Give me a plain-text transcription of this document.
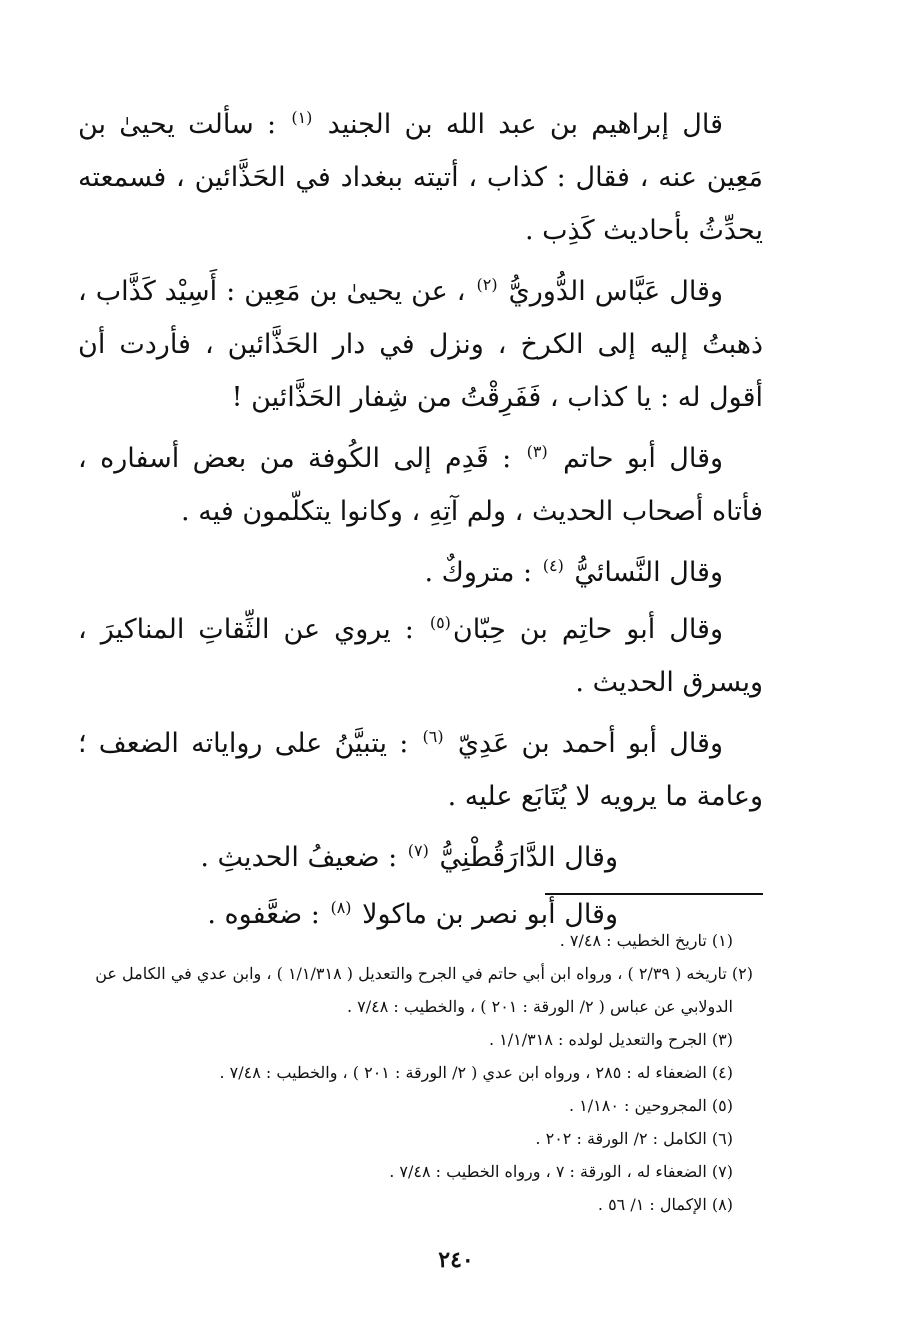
قال إبراهيم بن عبد الله بن الجنيد $^{(١)}$ : سألت يحيىٰ بن مَعِين عنه ، فقال : كذاب ، أتيته ببغداد في الحَذَّائين ، فسمعته يحدِّثُ بأحاديث كَذِب .

وقال عَبَّاس الدُّوريُّ $^{(٢)}$ ، عن يحيىٰ بن مَعِين : أَسِيْد كَذَّاب ، ذهبتُ إليه إلى الكرخ ، ونزل في دار الحَذَّائين ، فأردت أن أقول له : يا كذاب ، فَفَرِقْتُ من شِفار الحَذَّائين !

وقال أبو حاتم $^{(٣)}$ : قَدِم إلى الكُوفة من بعض أسفاره ، فأتاه أصحاب الحديث ، ولم آتِهِ ، وكانوا يتكلّمون فيه .

وقال النَّسائيُّ $^{(٤)}$ : متروكٌ .

وقال أبو حاتِم بن حِبّان$^{(٥)}$ : يروي عن الثِّقاتِ المناكيرَ ، ويسرق الحديث .

وقال أبو أحمد بن عَدِيّ $^{(٦)}$ : يتبيَّنُ على رواياته الضعف ؛ وعامة ما يرويه لا يُتَابَع عليه .

وقال الدَّارَقُطْنِيُّ $^{(٧)}$ : ضعيفُ الحديثِ .

وقال أبو نصر بن ماكولا $^{(٨)}$ : ضعَّفوه .

(١) تاريخ الخطيب : ٧/٤٨ .

(٢) تاريخه ( ٢/٣٩ ) ، ورواه ابن أبي حاتم في الجرح والتعديل ( ١/١/٣١٨ ) ، وابن عدي في الكامل عن الدولابي عن عباس ( ٢/ الورقة : ٢٠١ ) ، والخطيب : ٧/٤٨ .

(٣) الجرح والتعديل لولده : ١/١/٣١٨ .

(٤) الضعفاء له : ٢٨٥ ، ورواه ابن عدي ( ٢/ الورقة : ٢٠١ ) ، والخطيب : ٧/٤٨ .

(٥) المجروحين : ١/١٨٠ .

(٦) الكامل : ٢/ الورقة : ٢٠٢ .

(٧) الضعفاء له ، الورقة : ٧ ، ورواه الخطيب : ٧/٤٨ .

(٨) الإكمال : ١/ ٥٦ .

٢٤٠
